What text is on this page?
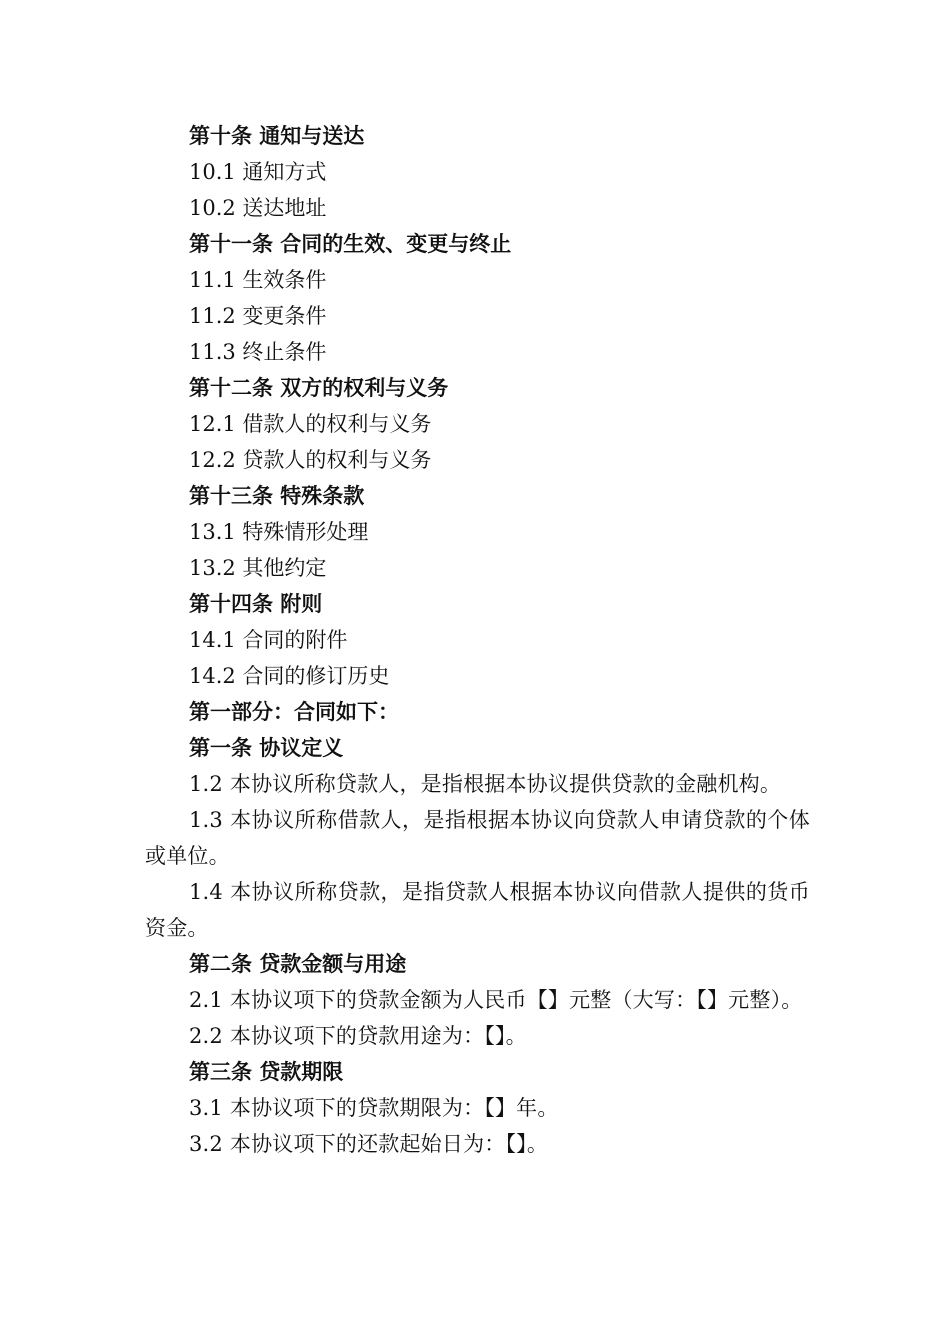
第十条 通知与送达
10.1 通知方式
10.2 送达地址
第十一条 合同的生效、变更与终止
11.1 生效条件
11.2 变更条件
11.3 终止条件
第十二条 双方的权利与义务
12.1 借款人的权利与义务
12.2 贷款人的权利与义务
第十三条 特殊条款
13.1 特殊情形处理
13.2 其他约定
第十四条 附则
14.1 合同的附件
14.2 合同的修订历史
第一部分：合同如下：
第一条 协议定义
1.2 本协议所称贷款人，是指根据本协议提供贷款的金融机构。
1.3 本协议所称借款人，是指根据本协议向贷款人申请贷款的个体或单位。
1.4 本协议所称贷款，是指贷款人根据本协议向借款人提供的货币资金。
第二条 贷款金额与用途
2.1 本协议项下的贷款金额为人民币【】元整（大写：【】元整）。
2.2 本协议项下的贷款用途为：【】。
第三条 贷款期限
3.1 本协议项下的贷款期限为：【】年。
3.2 本协议项下的还款起始日为：【】。
